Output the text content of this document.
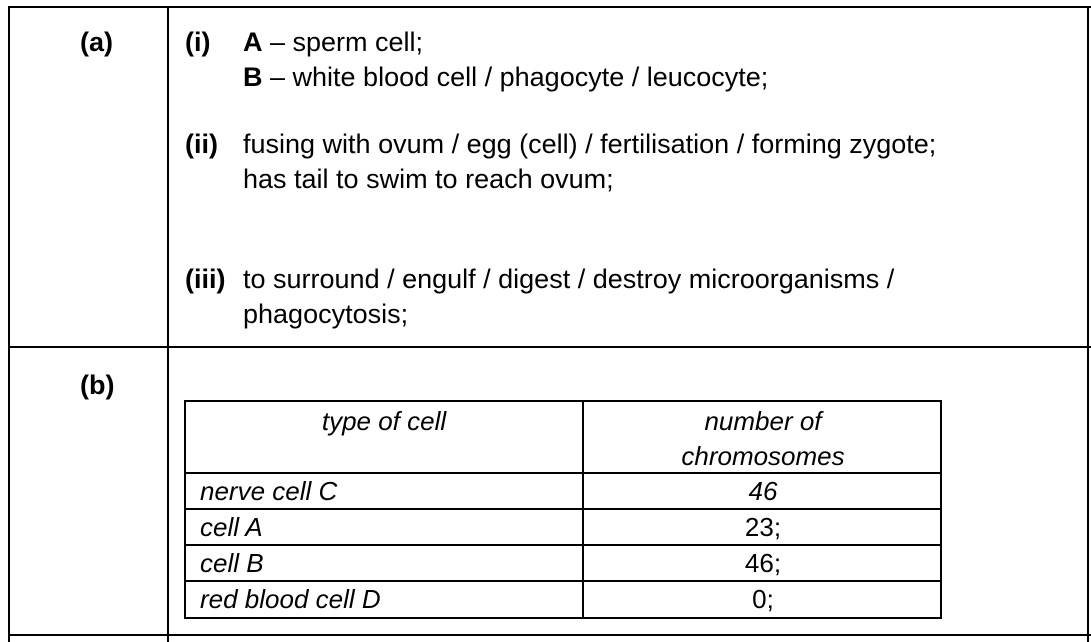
(a)	(i) A – sperm cell;
B – white blood cell / phagocyte / leucocyte;
(ii) fusing with ovum / egg (cell) / fertilisation / forming zygote;
has tail to swim to reach ovum;
(iii) to surround / engulf / digest / destroy microorganisms /
phagocytosis;
(b)
type of cell	number of
chromosomes
nerve cell C	46
cell A	23;
cell B	46;
red blood cell D	0;
